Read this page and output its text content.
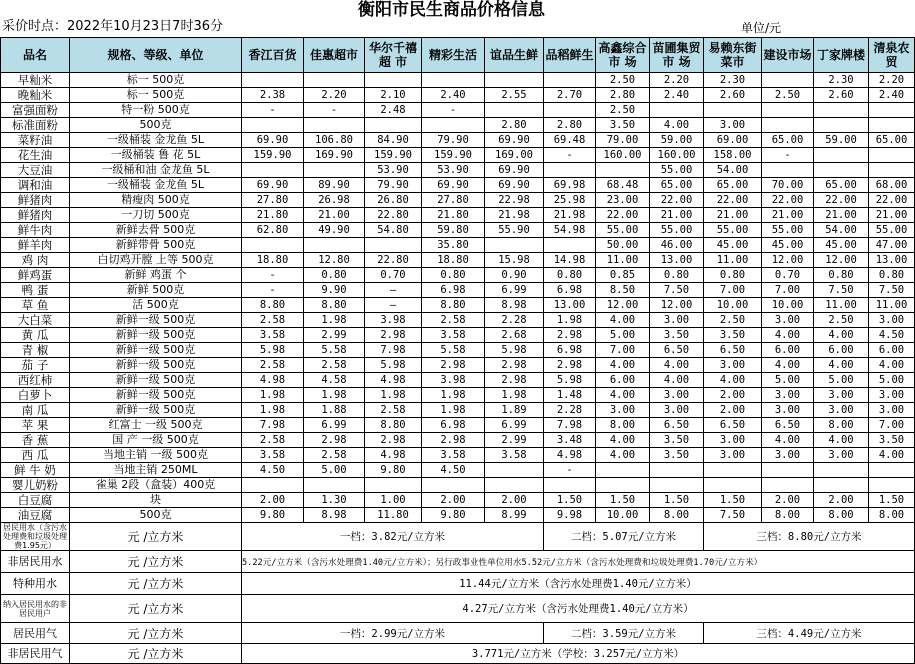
衡阳市民生商品价格信息
采价时点：2022年10月23日7时36分	单位/元
品名	规格、等级、单位	香江百货	佳惠超市	华尔千禧超 市	精彩生活	谊品生鲜	品稻鲜生	高鑫综合市 场	苗圃集贸市 场	易赖东街菜市	建设市场	丁家牌楼	清泉农贸
早籼米	标一 500克							2.50	2.20	2.30		2.30	2.20
晚籼米	标一 500克	2.38	2.20	2.10	2.40	2.55	2.70	2.80	2.40	2.60	2.50	2.60	2.40
富强面粉	特一粉 500克	-	-	2.48	-			2.50					
标准面粉	500克					2.80	2.80	3.50	4.00	3.00			
菜籽油	一级桶装 金龙鱼 5L	69.90	106.80	84.90	79.90	69.90	69.48	79.00	59.00	69.00	65.00	59.00	65.00
花生油	一级桶装 鲁 花 5L	159.90	169.90	159.90	159.90	169.00	-	160.00	160.00	158.00	-		
大豆油	一级桶和油 金龙鱼 5L			53.90	53.90	69.90			55.00	54.00			
调和油	一级桶装 金龙鱼 5L	69.90	89.90	79.90	69.90	69.90	69.98	68.48	65.00	65.00	70.00	65.00	68.00
鲜猪肉	精瘦肉 500克	27.80	26.98	26.80	27.80	22.98	25.98	23.00	22.00	22.00	22.00	22.00	22.00
鲜猪肉	一刀切 500克	21.80	21.00	22.80	21.80	21.98	21.98	22.00	21.00	21.00	21.00	21.00	21.00
鲜牛肉	新鲜去骨 500克	62.80	49.90	54.80	59.80	55.90	54.98	55.00	55.00	55.00	55.00	54.00	55.00
鲜羊肉	新鲜带骨 500克				35.80			50.00	46.00	45.00	45.00	45.00	47.00
鸡 肉	白切鸡开膛 上等 500克	18.80	12.80	22.80	18.80	15.98	14.98	11.00	13.00	11.00	12.00	12.00	13.00
鲜鸡蛋	新鲜 鸡蛋 个	-	0.80	0.70	0.80	0.90	0.80	0.85	0.80	0.80	0.70	0.80	0.80
鸭 蛋	新鲜 500克	-	9.90	—	6.98	6.99	6.98	8.50	7.50	7.00	7.00	7.50	7.50
草 鱼	活 500克	8.80	8.80	—	8.80	8.98	13.00	12.00	12.00	10.00	10.00	11.00	11.00
大白菜	新鲜一级 500克	2.58	1.98	3.98	2.58	2.28	1.98	4.00	3.00	2.50	3.00	2.50	3.00
黄 瓜	新鲜一级 500克	3.58	2.99	2.98	3.58	2.68	2.98	5.00	3.50	3.50	4.00	4.00	4.50
青 椒	新鲜一级 500克	5.98	5.58	7.98	5.58	5.98	6.98	7.00	6.50	6.50	6.00	6.00	6.00
茄 子	新鲜一级 500克	2.58	2.58	5.98	2.98	2.98	2.98	4.00	4.00	3.00	4.00	4.00	4.00
西红柿	新鲜一级 500克	4.98	4.58	4.98	3.98	2.98	5.98	6.00	4.00	4.00	5.00	5.00	5.00
白萝卜	新鲜一级 500克	1.98	1.98	1.98	1.98	1.98	1.48	4.00	3.00	2.00	3.00	3.00	3.00
南 瓜	新鲜一级 500克	1.98	1.88	2.58	1.98	1.89	2.28	3.00	3.00	2.00	3.00	3.00	3.00
苹 果	红富士 一级 500克	7.98	6.99	8.80	6.98	6.99	7.98	8.00	6.50	6.50	6.50	8.00	7.00
香 蕉	国 产 一级 500克	2.58	2.98	2.98	2.98	2.99	3.48	4.00	3.50	3.00	4.00	4.00	3.50
西 瓜	当地主销 一级 500克	3.58	2.58	4.98	3.58	3.58	4.98	4.00	3.50	3.00	3.00	3.00	4.00
鲜 牛 奶	当地主销 250ML	4.50	5.00	9.80	4.50		-						
婴儿奶粉	雀巢 2段（盒装）400克												
白豆腐	块	2.00	1.30	1.00	2.00	2.00	1.50	1.50	1.50	1.50	2.00	2.00	1.50
油豆腐	500克	9.80	8.98	11.80	9.80	8.99	9.98	10.00	8.00	7.50	8.00	8.00	8.00
居民用水（含污水处理费和垃圾处理费1.95元）	元 /立方米	一档：3.82元/立方米					二档：5.07元/立方米			三档：8.80元/立方米			
非居民用水	元 /立方米	5.22元/立方米（含污水处理费1.40元/立方米）；另行政事业性单位用水5.52元/立方米（含污水处理费和垃圾处理费1.70元/立方米）											
特种用水	元 /立方米	11.44元/立方米（含污水处理费1.40元/立方米）											
纳入居民用水的非居民用户	元 /立方米	4.27元/立方米（含污水处理费1.40元/立方米）											
居民用气	元 /立方米	一档：2.99元/立方米					二档：3.59元/立方米			三档：4.49元/立方米			
非居民用气	元 /立方米	3.771元/立方米（学校：3.257元/立方米）											
